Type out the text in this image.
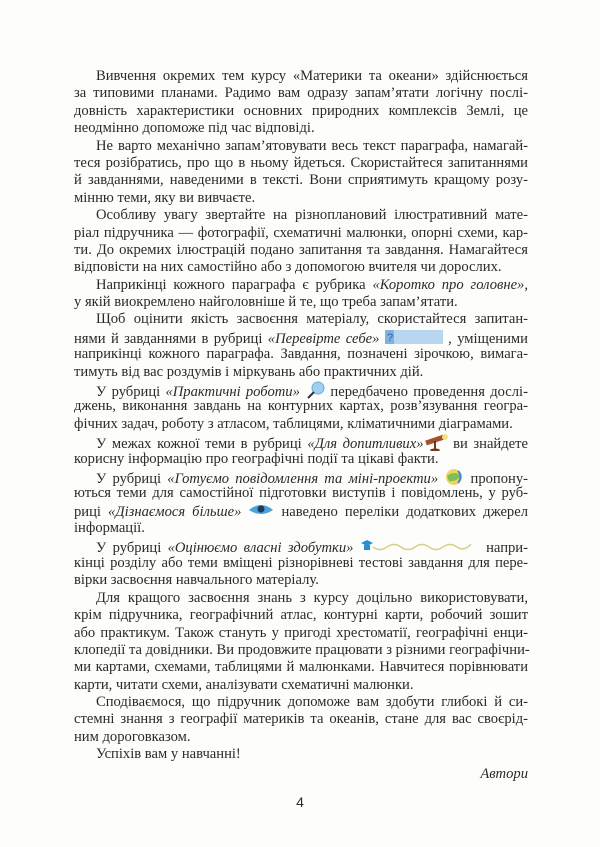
Вивчення окремих тем курсу «Материки та океани» здійснюється
за типовими планами. Радимо вам одразу запам’ятати логічну послі-
довність характеристики основних природних комплексів Землі, це
неодмінно допоможе під час відповіді.
Не варто механічно запам’ятовувати весь текст параграфа, намагай-
теся розібратись, про що в ньому йдеться. Скористайтеся запитаннями
й завданнями, наведеними в тексті. Вони сприятимуть кращому розу-
мінню теми, яку ви вивчаєте.
Особливу увагу звертайте на різноплановий ілюстративний мате-
ріал підручника — фотографії, схематичні малюнки, опорні схеми, кар-
ти. До окремих ілюстрацій подано запитання та завдання. Намагайтеся
відповісти на них самостійно або з допомогою вчителя чи дорослих.
Наприкінці кожного параграфа є рубрика «Коротко про головне»,
у якій виокремлено найголовніше й те, що треба запам’ятати.
Щоб оцінити якість засвоєння матеріалу, скористайтеся запитан-
нями й завданнями в рубриці «Перевірте себе» ?	, уміщеними
наприкінці кожного параграфа. Завдання, позначені зірочкою, вимага-
тимуть від вас роздумів і міркувань або практичних дій.
У рубриці «Практичні роботи»  передбачено проведення дослі-
джень, виконання завдань на контурних картах, розв’язування геогра-
фічних задач, роботу з атласом, таблицями, кліматичними діаграмами.
У межах кожної теми в рубриці «Для допитливих» ви знайдете
корисну інформацію про географічні події та цікаві факти.
У рубриці «Готуємо повідомлення та міні-проекти»  пропону-
ються теми для самостійної підготовки виступів і повідомлень, у руб-
риці «Дізнаємося більше»  наведено переліки додаткових джерел
інформації.
У рубриці «Оцінюємо власні здобутки»	напри-
кінці розділу або теми вміщені різнорівневі тестові завдання для пере-
вірки засвоєння навчального матеріалу.
Для кращого засвоєння знань з курсу доцільно використовувати,
крім підручника, географічний атлас, контурні карти, робочий зошит
або практикум. Також стануть у пригоді хрестоматії, географічні енци-
клопедії та довідники. Ви продовжите працювати з різними географічни-
ми картами, схемами, таблицями й малюнками. Навчитеся порівнювати
карти, читати схеми, аналізувати схематичні малюнки.
Сподіваємося, що підручник допоможе вам здобути глибокі й си-
стемні знання з географії материків та океанів, стане для вас своєрід-
ним дороговказом.
Успіхів вам у навчанні!
Автори
4
